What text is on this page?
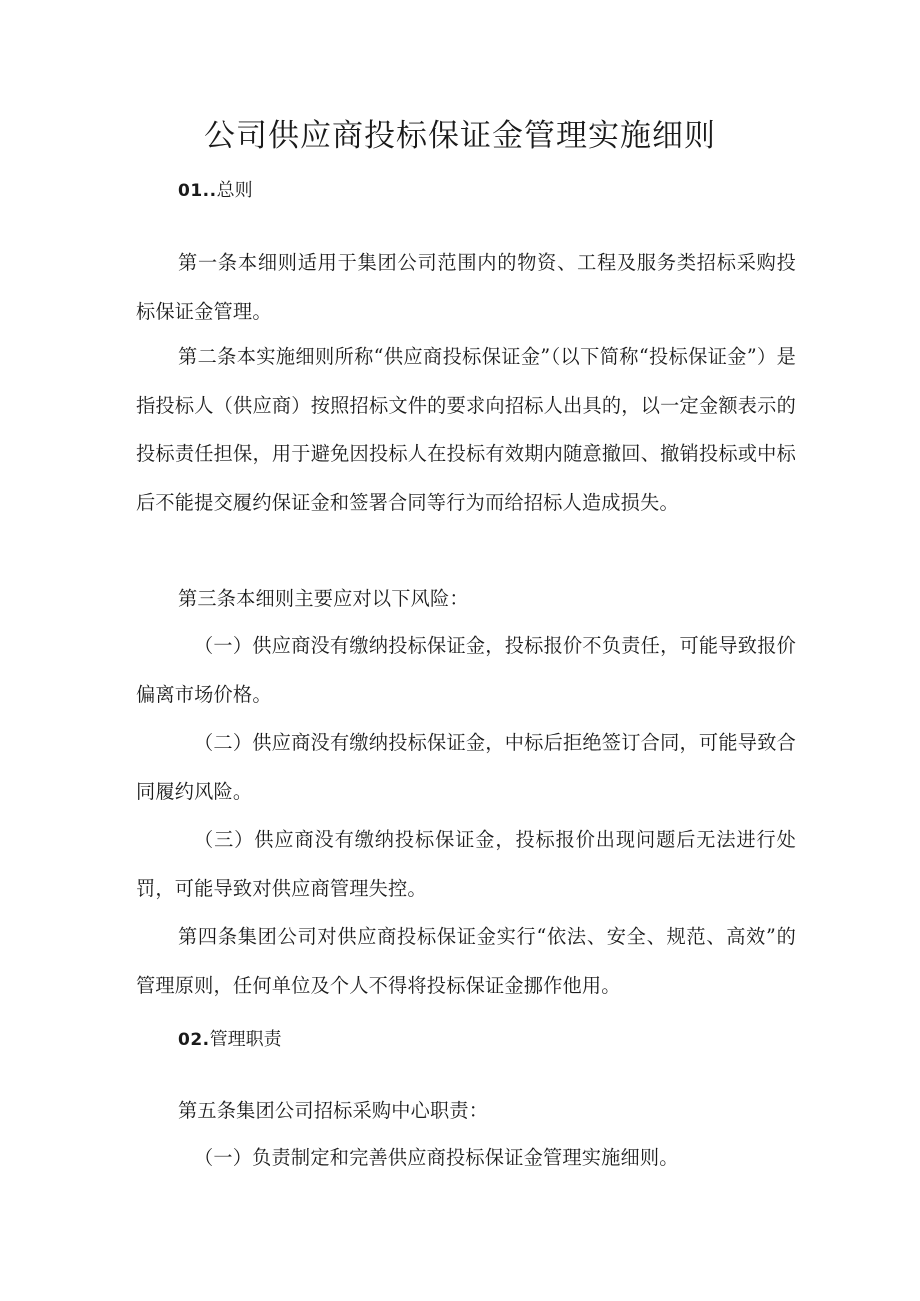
公司供应商投标保证金管理实施细则
01..总则

第一条本细则适用于集团公司范围内的物资、工程及服务类招标采购投标保证金管理。

第二条本实施细则所称“供应商投标保证金”（以下简称“投标保证金”）是指投标人（供应商）按照招标文件的要求向招标人出具的，以一定金额表示的投标责任担保，用于避免因投标人在投标有效期内随意撤回、撤销投标或中标后不能提交履约保证金和签署合同等行为而给招标人造成损失。

第三条本细则主要应对以下风险：

（一）供应商没有缴纳投标保证金，投标报价不负责任，可能导致报价偏离市场价格。

（二）供应商没有缴纳投标保证金，中标后拒绝签订合同，可能导致合同履约风险。

（三）供应商没有缴纳投标保证金，投标报价出现问题后无法进行处罚，可能导致对供应商管理失控。

第四条集团公司对供应商投标保证金实行“依法、安全、规范、高效”的管理原则，任何单位及个人不得将投标保证金挪作他用。

02.管理职责

第五条集团公司招标采购中心职责：

（一）负责制定和完善供应商投标保证金管理实施细则。
